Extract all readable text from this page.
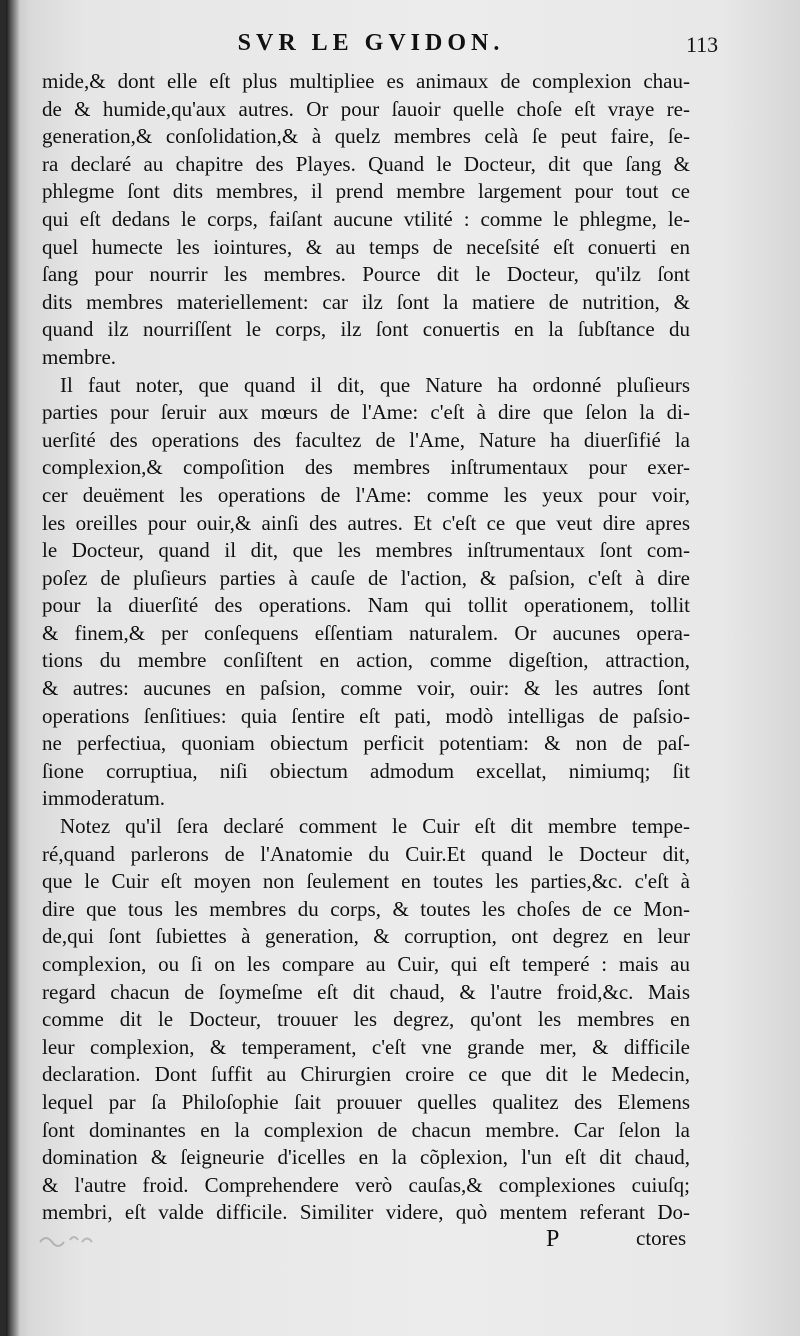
SVR LE GVIDON.	113
mide,& dont elle eſt plus multipliee es animaux de complexion chau-
de & humide,qu'aux autres. Or pour ſauoir quelle choſe eſt vraye re-
generation,& conſolidation,& à quelz membres celà ſe peut faire, ſe-
ra declaré au chapitre des Playes. Quand le Docteur, dit que ſang &
phlegme ſont dits membres, il prend membre largement pour tout ce
qui eſt dedans le corps, faiſant aucune vtilité : comme le phlegme, le-
quel humecte les iointures, & au temps de neceſsité eſt conuerti en
ſang pour nourrir les membres. Pource dit le Docteur, qu'ilz ſont
dits membres materiellement: car ilz ſont la matiere de nutrition, &
quand ilz nourriſſent le corps, ilz ſont conuertis en la ſubſtance du
membre.
Il faut noter, que quand il dit, que Nature ha ordonné pluſieurs
parties pour ſeruir aux mœurs de l'Ame: c'eſt à dire que ſelon la di-
uerſité des operations des facultez de l'Ame, Nature ha diuerſifié la
complexion,& compoſition des membres inſtrumentaux pour exer-
cer deuëment les operations de l'Ame: comme les yeux pour voir,
les oreilles pour ouir,& ainſi des autres. Et c'eſt ce que veut dire apres
le Docteur, quand il dit, que les membres inſtrumentaux ſont com-
poſez de pluſieurs parties à cauſe de l'action, & paſsion, c'eſt à dire
pour la diuerſité des operations. Nam qui tollit operationem, tollit
& finem,& per conſequens eſſentiam naturalem. Or aucunes opera-
tions du membre conſiſtent en action, comme digeſtion, attraction,
& autres: aucunes en paſsion, comme voir, ouir: & les autres ſont
operations ſenſitiues: quia ſentire eſt pati, modò intelligas de paſsio-
ne perfectiua, quoniam obiectum perficit potentiam: & non de paſ-
ſione corruptiua, niſi obiectum admodum excellat, nimiumq; ſit
immoderatum.
Notez qu'il ſera declaré comment le Cuir eſt dit membre tempe-
ré,quand parlerons de l'Anatomie du Cuir.Et quand le Docteur dit,
que le Cuir eſt moyen non ſeulement en toutes les parties,&c. c'eſt à
dire que tous les membres du corps, & toutes les choſes de ce Mon-
de,qui ſont ſubiettes à generation, & corruption, ont degrez en leur
complexion, ou ſi on les compare au Cuir, qui eſt temperé : mais au
regard chacun de ſoymeſme eſt dit chaud, & l'autre froid,&c. Mais
comme dit le Docteur, trouuer les degrez, qu'ont les membres en
leur complexion, & temperament, c'eſt vne grande mer, & difficile
declaration. Dont ſuffit au Chirurgien croire ce que dit le Medecin,
lequel par ſa Philoſophie ſait prouuer quelles qualitez des Elemens
ſont dominantes en la complexion de chacun membre. Car ſelon la
domination & ſeigneurie d'icelles en la cõplexion, l'un eſt dit chaud,
& l'autre froid. Comprehendere verò cauſas,& complexiones cuiuſq;
membri, eſt valde difficile. Similiter videre, quò mentem referant Do-
P	ctores
